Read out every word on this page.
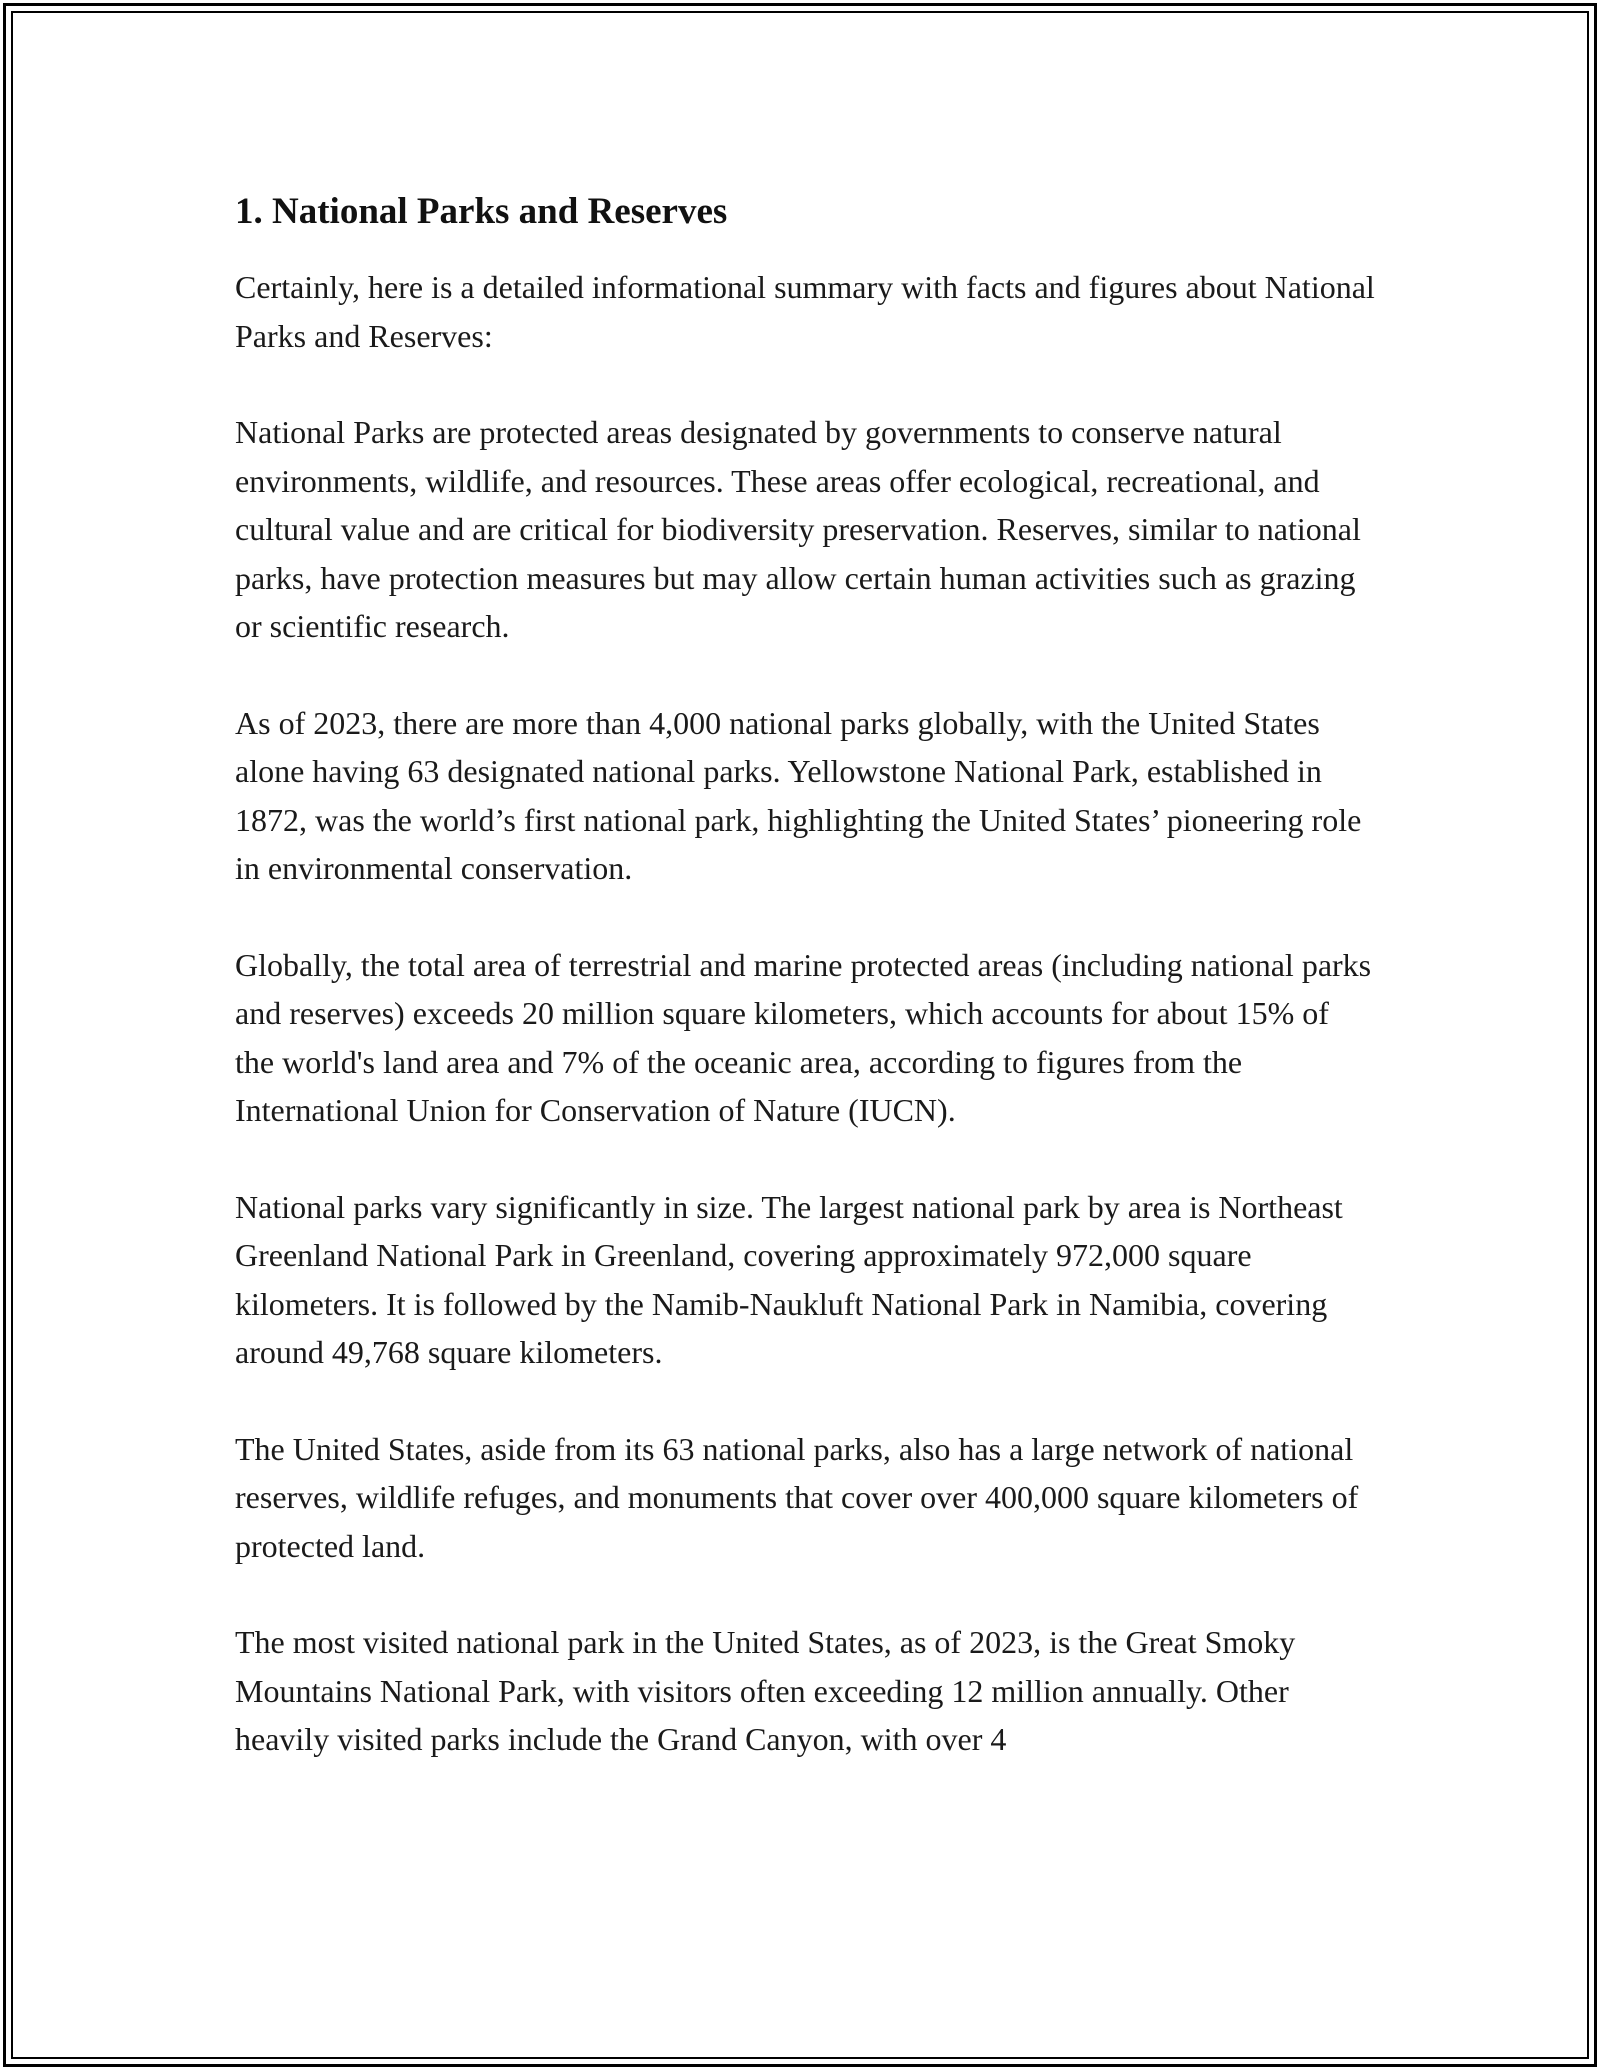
1. National Parks and Reserves

Certainly, here is a detailed informational summary with facts and figures about National Parks and Reserves:

National Parks are protected areas designated by governments to conserve natural environments, wildlife, and resources. These areas offer ecological, recreational, and cultural value and are critical for biodiversity preservation. Reserves, similar to national parks, have protection measures but may allow certain human activities such as grazing or scientific research.

As of 2023, there are more than 4,000 national parks globally, with the United States alone having 63 designated national parks. Yellowstone National Park, established in 1872, was the world’s first national park, highlighting the United States’ pioneering role in environmental conservation.

Globally, the total area of terrestrial and marine protected areas (including national parks and reserves) exceeds 20 million square kilometers, which accounts for about 15% of the world's land area and 7% of the oceanic area, according to figures from the International Union for Conservation of Nature (IUCN).

National parks vary significantly in size. The largest national park by area is Northeast Greenland National Park in Greenland, covering approximately 972,000 square kilometers. It is followed by the Namib-Naukluft National Park in Namibia, covering around 49,768 square kilometers.

The United States, aside from its 63 national parks, also has a large network of national reserves, wildlife refuges, and monuments that cover over 400,000 square kilometers of protected land.

The most visited national park in the United States, as of 2023, is the Great Smoky Mountains National Park, with visitors often exceeding 12 million annually. Other heavily visited parks include the Grand Canyon, with over 4
